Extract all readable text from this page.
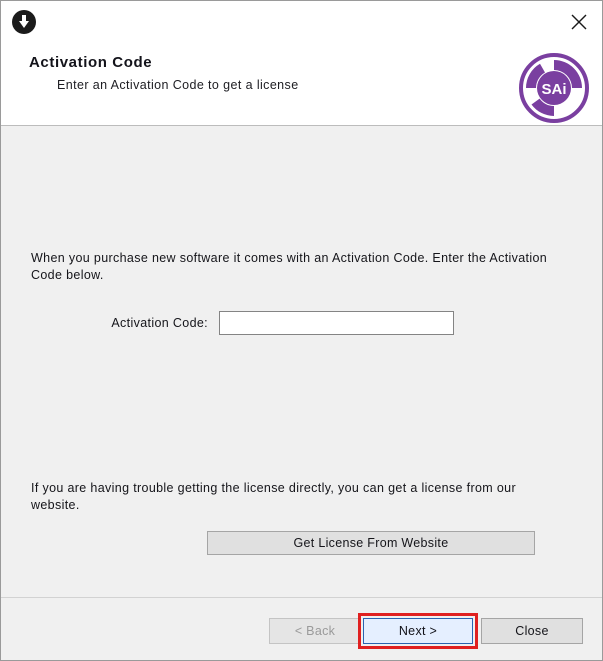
Activation Code
Enter an Activation Code to get a license	SAi
When you purchase new software it comes with an Activation Code. Enter the Activation Code below.
Activation Code:
If you are having trouble getting the license directly, you can get a license from our website.
Get License From Website
< Back	Next >	Close
